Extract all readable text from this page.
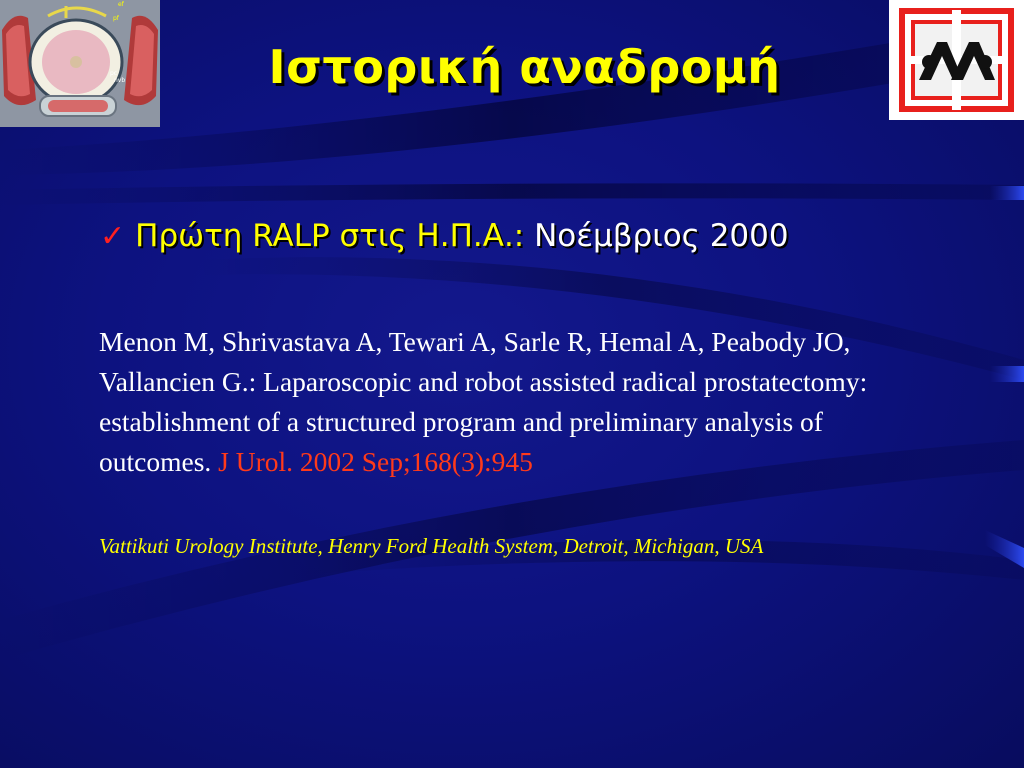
ef
pf
pc
nvb	Ιστορική αναδρομή
✓ Πρώτη RALP στις Η.Π.Α.: Νοέμβριος 2000
Menon M, Shrivastava A, Tewari A, Sarle R, Hemal A, Peabody JO, Vallancien G.: Laparoscopic and robot assisted radical prostatectomy: establishment of a structured program and preliminary analysis of outcomes. J Urol. 2002 Sep;168(3):945
Vattikuti Urology Institute, Henry Ford Health System, Detroit, Michigan, USA
